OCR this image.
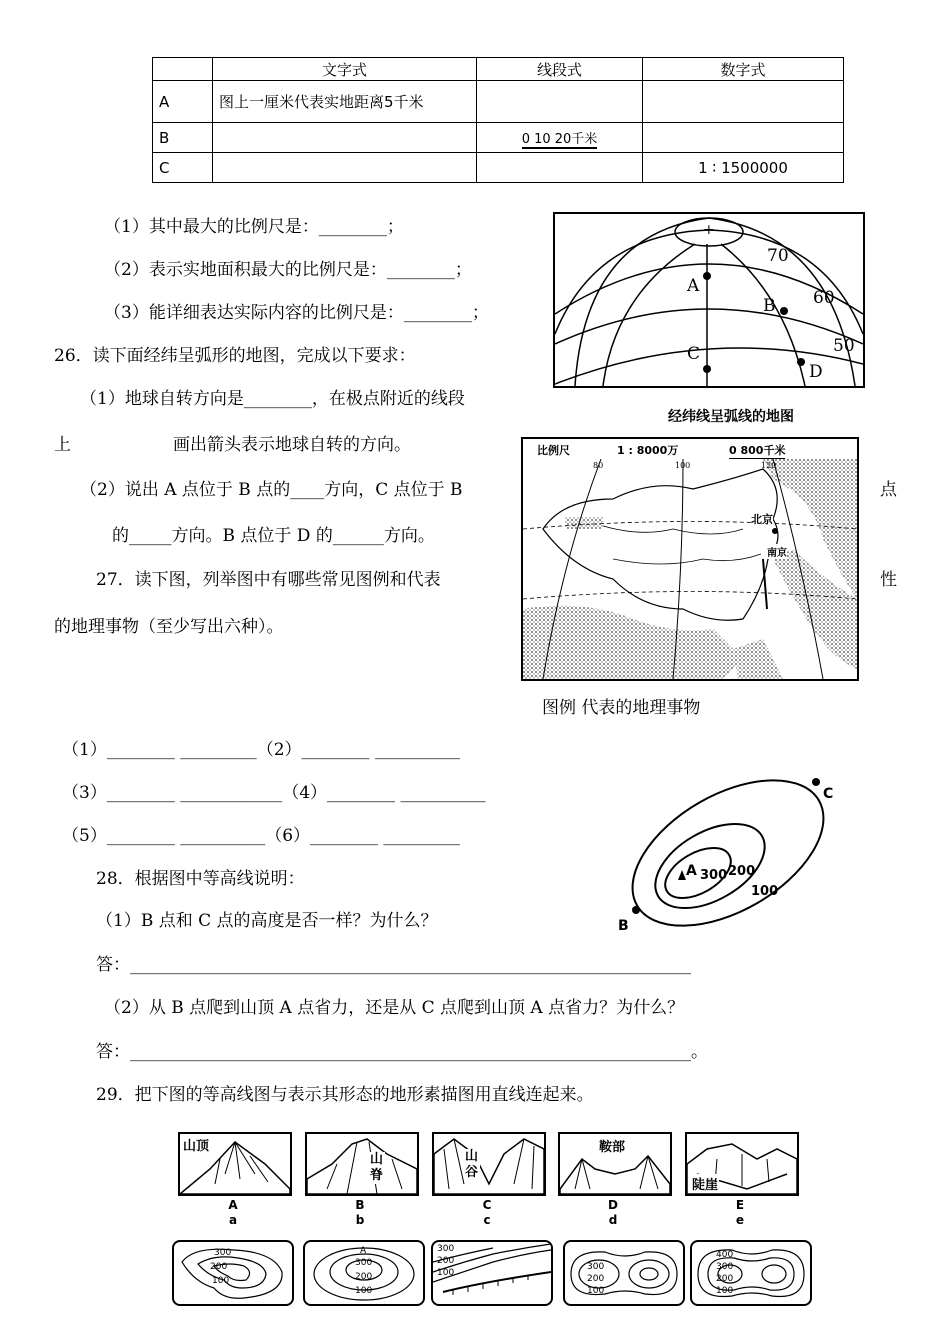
	文字式	线段式	数字式
A	图上一厘米代表实地距离5千米		
B		0 10 20千米	
C			1 ∶ 1500000
（1）其中最大的比例尺是：________；
（2）表示实地面积最大的比例尺是：________；
（3）能详细表达实际内容的比例尺是：________；
26．读下面经纬呈弧形的地图，完成以下要求：
（1）地球自转方向是________，在极点附近的线段
上	画出箭头表示地球自转的方向。
（2）说出 A 点位于 B 点的____方向，C 点位于 B	点
的_____方向。B 点位于 D 的______方向。
27．读下图，列举图中有哪些常见图例和代表	性
的地理事物（至少写出六种）。
（1）________ _________（2）________ __________
（3）________ ____________（4）________ __________
（5）________ __________（6）________ _________
28．根据图中等高线说明：
（1）B 点和 C 点的高度是否一样？为什么？
答：__________________________________________________________________
（2）从 B 点爬到山顶 A 点省力，还是从 C 点爬到山顶 A 点省力？为什么？
答：__________________________________________________________________。
29．把下图的等高线图与表示其形态的地形素描图用直线连起来。
+
70
60
50
A
B
C
D
经纬线呈弧线的地图
比例尺	1 : 8000万	0 800千米
80	100	120
北京
南京
图例 代表的地理事物
A 300 200
100
B
C
山顶
山脊
山谷
鞍部
陡崖
A
a
B
b
C
c
D
d
E
e
300
200
100
A
300
200
100
300
200
100
300
200
100
400
300
200
100
